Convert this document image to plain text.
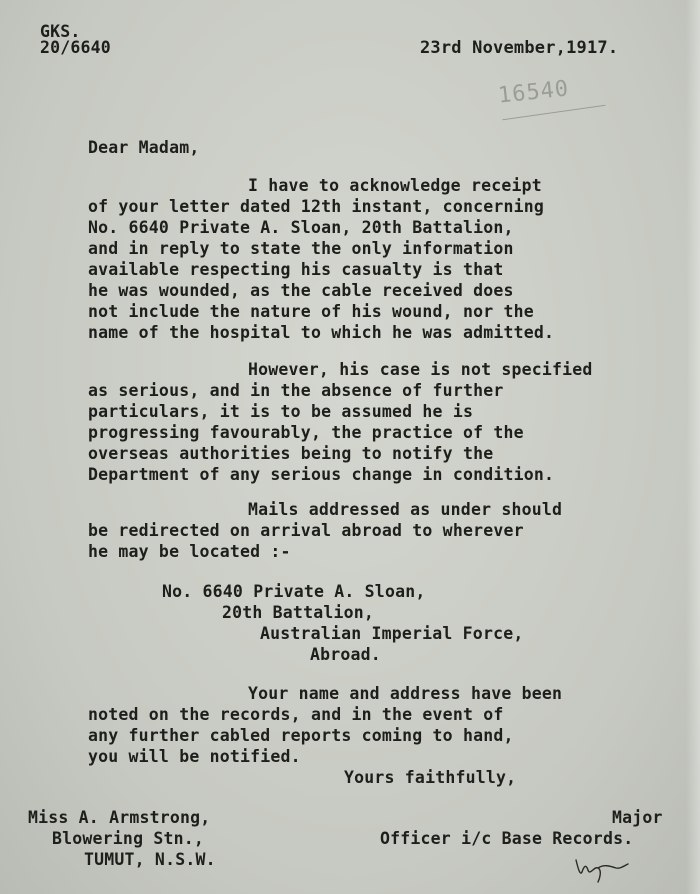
GKS.
20/6640	23rd November,1917.
16540
Dear Madam,
I have to acknowledge receipt
of your letter dated 12th instant, concerning
No. 6640 Private A. Sloan, 20th Battalion,
and in reply to state the only information
available respecting his casualty is that
he was wounded, as the cable received does
not include the nature of his wound, nor the
name of the hospital to which he was admitted.
However, his case is not specified
as serious, and in the absence of further
particulars, it is to be assumed he is
progressing favourably, the practice of the
overseas authorities being to notify the
Department of any serious change in condition.
Mails addressed as under should
be redirected on arrival abroad to wherever
he may be located :-
No. 6640 Private A. Sloan,
20th Battalion,
Australian Imperial Force,
Abroad.
Your name and address have been
noted on the records, and in the event of
any further cabled reports coming to hand,
you will be notified.
Yours faithfully,
Miss A. Armstrong,
Blowering Stn.,
TUMUT, N.S.W.
Major
Officer i/c Base Records.
